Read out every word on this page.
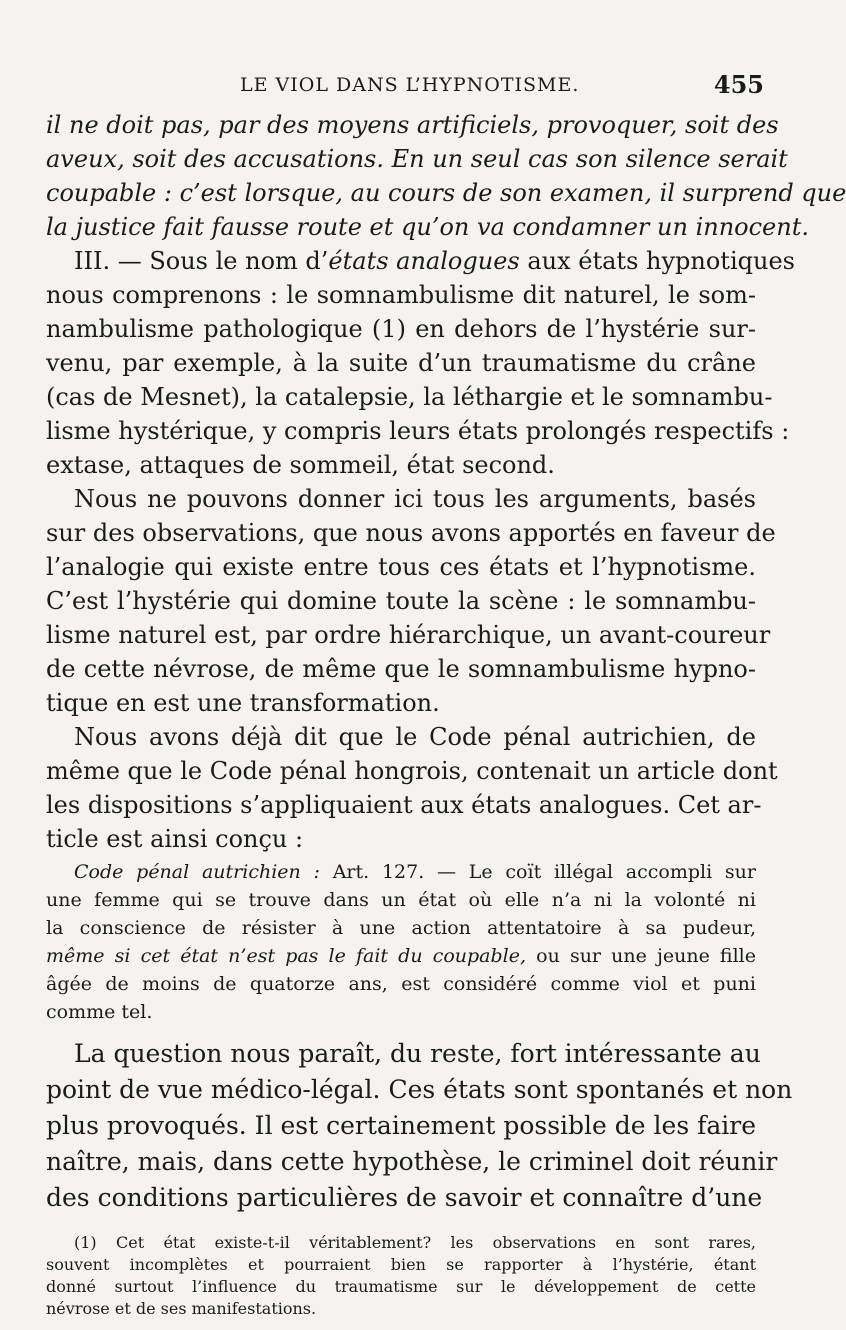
LE VIOL DANS L’HYPNOTISME.	455
il ne doit pas, par des moyens artificiels, provoquer, soit des
aveux, soit des accusations. En un seul cas son silence serait
coupable : c’est lorsque, au cours de son examen, il surprend que
la justice fait fausse route et qu’on va condamner un innocent.
III. — Sous le nom d’états analogues aux états hypnotiques
nous comprenons : le somnambulisme dit naturel, le som-
nambulisme pathologique (1) en dehors de l’hystérie sur-
venu, par exemple, à la suite d’un traumatisme du crâne
(cas de Mesnet), la catalepsie, la léthargie et le somnambu-
lisme hystérique, y compris leurs états prolongés respectifs :
extase, attaques de sommeil, état second.
Nous ne pouvons donner ici tous les arguments, basés
sur des observations, que nous avons apportés en faveur de
l’analogie qui existe entre tous ces états et l’hypnotisme.
C’est l’hystérie qui domine toute la scène : le somnambu-
lisme naturel est, par ordre hiérarchique, un avant-coureur
de cette névrose, de même que le somnambulisme hypno-
tique en est une transformation.
Nous avons déjà dit que le Code pénal autrichien, de
même que le Code pénal hongrois, contenait un article dont
les dispositions s’appliquaient aux états analogues. Cet ar-
ticle est ainsi conçu :
Code pénal autrichien : Art. 127. — Le coït illégal accompli sur
une femme qui se trouve dans un état où elle n’a ni la volonté ni
la conscience de résister à une action attentatoire à sa pudeur,
même si cet état n’est pas le fait du coupable, ou sur une jeune fille
âgée de moins de quatorze ans, est considéré comme viol et puni
comme tel.
La question nous paraît, du reste, fort intéressante au
point de vue médico-légal. Ces états sont spontanés et non
plus provoqués. Il est certainement possible de les faire
naître, mais, dans cette hypothèse, le criminel doit réunir
des conditions particulières de savoir et connaître d’une
(1) Cet état existe-t-il véritablement? les observations en sont rares,
souvent incomplètes et pourraient bien se rapporter à l’hystérie, étant
donné surtout l’influence du traumatisme sur le développement de cette
névrose et de ses manifestations.
